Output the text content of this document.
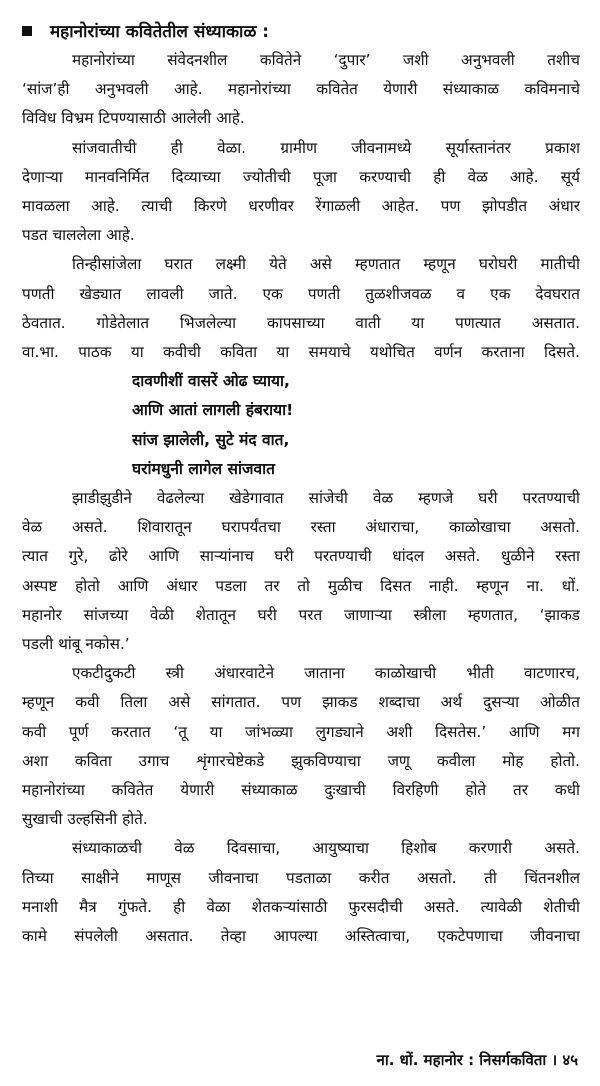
महानोरांच्या कवितेतील संध्याकाळ :

महानोरांच्या संवेदनशील कवितेने ‘दुपार’ जशी अनुभवली तशीच
‘सांज’ही अनुभवली आहे. महानोरांच्या कवितेत येणारी संध्याकाळ कविमनाचे
विविध विभ्रम टिपण्यासाठी आलेली आहे.

सांजवातीची ही वेळा. ग्रामीण जीवनामध्ये सूर्यास्तानंतर प्रकाश
देणाऱ्या मानवनिर्मित दिव्याच्या ज्योतीची पूजा करण्याची ही वेळ आहे. सूर्य
मावळला आहे. त्याची किरणे धरणीवर रेंगाळली आहेत. पण झोपडीत अंधार
पडत चाललेला आहे.

तिन्हीसांजेला घरात लक्ष्मी येते असे म्हणतात म्हणून घरोघरी मातीची
पणती खेड्यात लावली जाते. एक पणती तुळशीजवळ व एक देवघरात
ठेवतात. गोडेतेलात भिजलेल्या कापसाच्या वाती या पणत्यात असतात.
वा.भा. पाठक या कवीची कविता या समयाचे यथोचित वर्णन करताना दिसते.

दावणीशीं वासरें ओढ घ्याया,
आणि आतां लागली हंबराया!
सांज झालेली, सुटे मंद वात,
घरांमधुनी लागेल सांजवात

झाडीझुडीने वेढलेल्या खेडेगावात सांजेची वेळ म्हणजे घरी परतण्याची
वेळ असते. शिवारातून घरापर्यंतचा रस्ता अंधाराचा, काळोखाचा असतो.
त्यात गुरे, ढोरे आणि साऱ्यांनाच घरी परतण्याची धांदल असते. धुळीने रस्ता
अस्पष्ट होतो आणि अंधार पडला तर तो मुळीच दिसत नाही. म्हणून ना. धों.
महानोर सांजच्या वेळी शेतातून घरी परत जाणाऱ्या स्त्रीला म्हणतात, ‘झाकड
पडली थांबू नकोस.’

एकटीदुकटी स्त्री अंधारवाटेने जाताना काळोखाची भीती वाटणारच,
म्हणून कवी तिला असे सांगतात. पण झाकड शब्दाचा अर्थ दुसऱ्या ओळीत
कवी पूर्ण करतात ‘तू या जांभळ्या लुगड्याने अशी दिसतेस.’ आणि मग
अशा कविता उगाच शृंगारचेष्टेकडे झुकविण्याचा जणू कवीला मोह होतो.
महानोरांच्या कवितेत येणारी संध्याकाळ दुःखाची विरहिणी होते तर कधी
सुखाची उल्हसिनी होते.

संध्याकाळची वेळ दिवसाचा, आयुष्याचा हिशोब करणारी असते.
तिच्या साक्षीने माणूस जीवनाचा पडताळा करीत असतो. ती चिंतनशील
मनाशी मैत्र गुंफते. ही वेळा शेतकऱ्यांसाठी फुरसदीची असते. त्यावेळी शेतीची
कामे संपलेली असतात. तेव्हा आपल्या अस्तित्वाचा, एकटेपणाचा जीवनाचा

ना. धों. महानोर : निसर्गकविता । ४५
